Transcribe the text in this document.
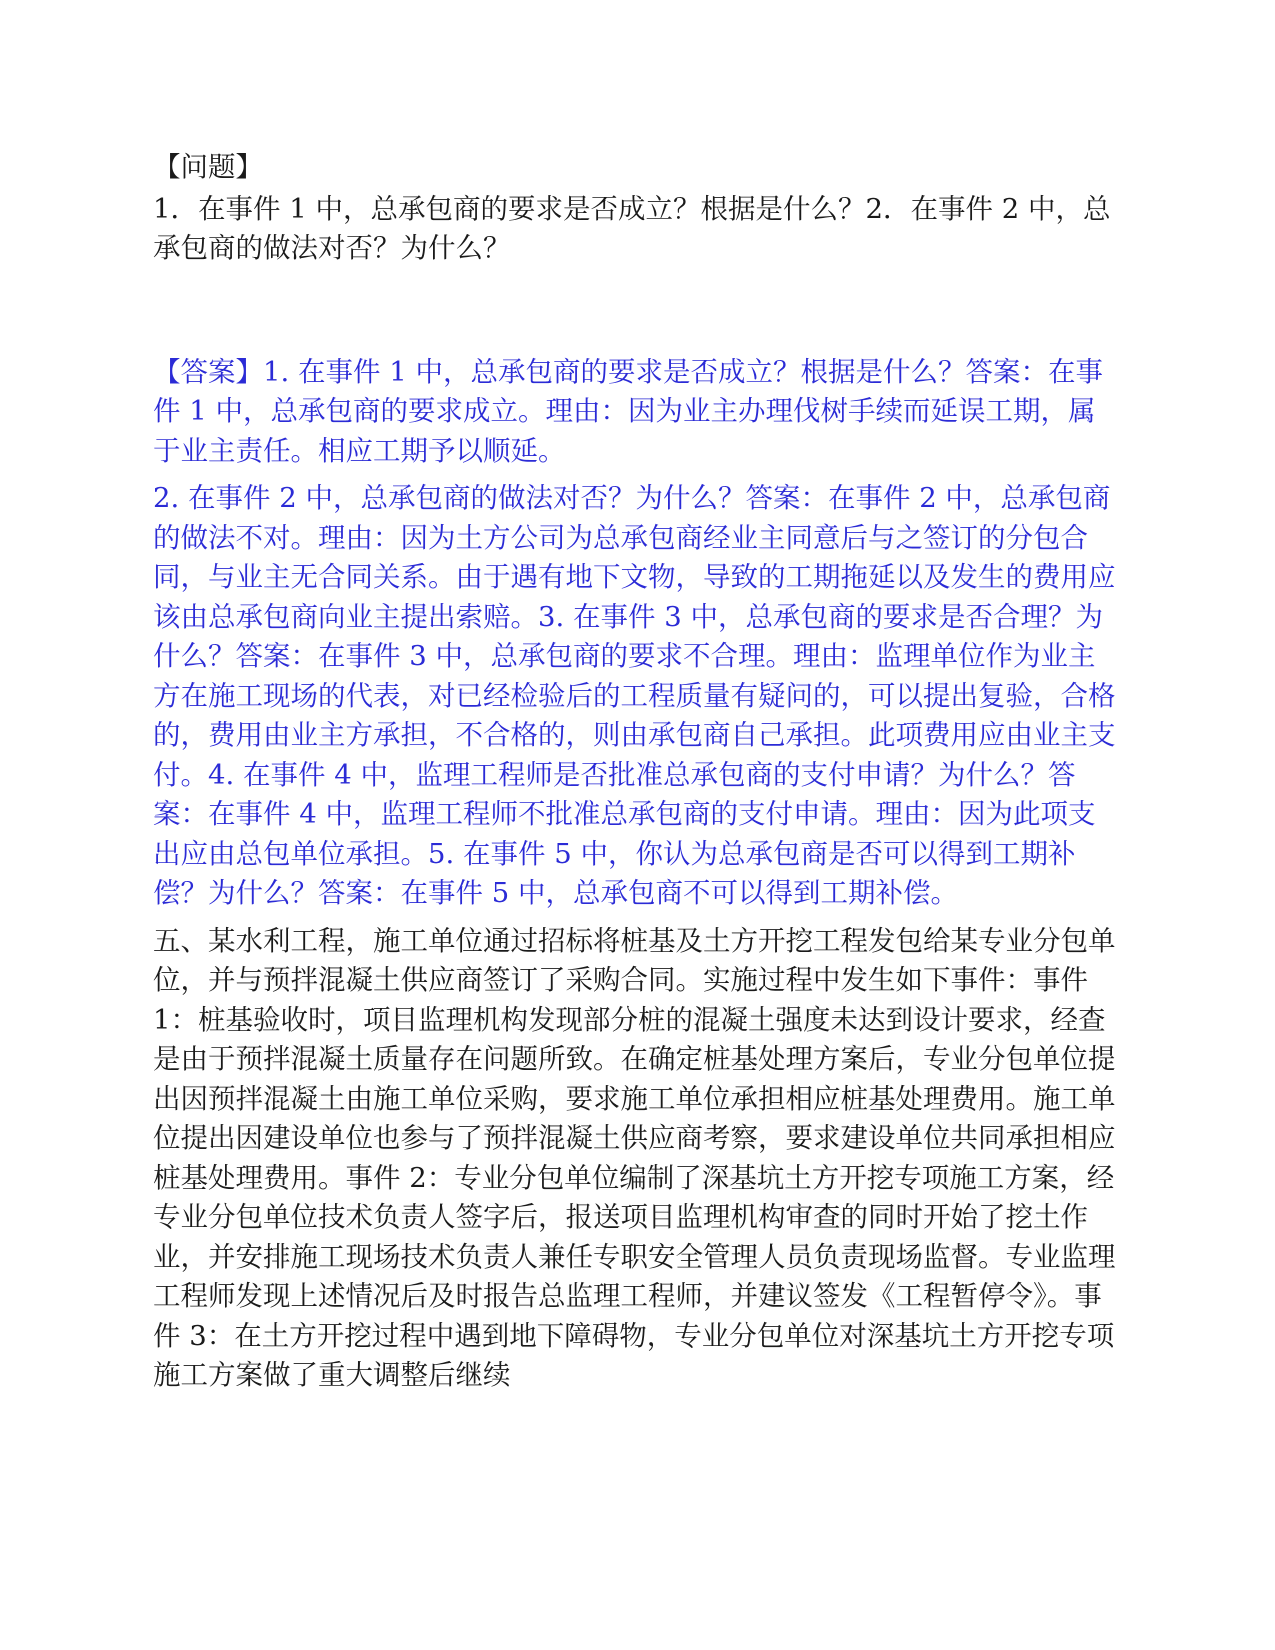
【问题】

1．在事件 1 中，总承包商的要求是否成立？根据是什么？2．在事件 2 中，总承包商的做法对否？为什么？

【答案】1. 在事件 1 中，总承包商的要求是否成立？根据是什么？答案：在事件 1 中，总承包商的要求成立。理由：因为业主办理伐树手续而延误工期，属于业主责任。相应工期予以顺延。

2. 在事件 2 中，总承包商的做法对否？为什么？答案：在事件 2 中，总承包商的做法不对。理由：因为土方公司为总承包商经业主同意后与之签订的分包合同，与业主无合同关系。由于遇有地下文物，导致的工期拖延以及发生的费用应该由总承包商向业主提出索赔。3. 在事件 3 中，总承包商的要求是否合理？为什么？答案：在事件 3 中，总承包商的要求不合理。理由：监理单位作为业主方在施工现场的代表，对已经检验后的工程质量有疑问的，可以提出复验，合格的，费用由业主方承担，不合格的，则由承包商自己承担。此项费用应由业主支付。4. 在事件 4 中，监理工程师是否批准总承包商的支付申请？为什么？答案：在事件 4 中，监理工程师不批准总承包商的支付申请。理由：因为此项支出应由总包单位承担。5. 在事件 5 中，你认为总承包商是否可以得到工期补偿？为什么？答案：在事件 5 中，总承包商不可以得到工期补偿。

五、某水利工程，施工单位通过招标将桩基及土方开挖工程发包给某专业分包单位，并与预拌混凝土供应商签订了采购合同。实施过程中发生如下事件：事件 1：桩基验收时，项目监理机构发现部分桩的混凝土强度未达到设计要求，经查是由于预拌混凝土质量存在问题所致。在确定桩基处理方案后，专业分包单位提出因预拌混凝土由施工单位采购，要求施工单位承担相应桩基处理费用。施工单位提出因建设单位也参与了预拌混凝土供应商考察，要求建设单位共同承担相应桩基处理费用。事件 2：专业分包单位编制了深基坑土方开挖专项施工方案，经专业分包单位技术负责人签字后，报送项目监理机构审查的同时开始了挖土作业，并安排施工现场技术负责人兼任专职安全管理人员负责现场监督。专业监理工程师发现上述情况后及时报告总监理工程师，并建议签发《工程暂停令》。事件 3：在土方开挖过程中遇到地下障碍物，专业分包单位对深基坑土方开挖专项施工方案做了重大调整后继续
